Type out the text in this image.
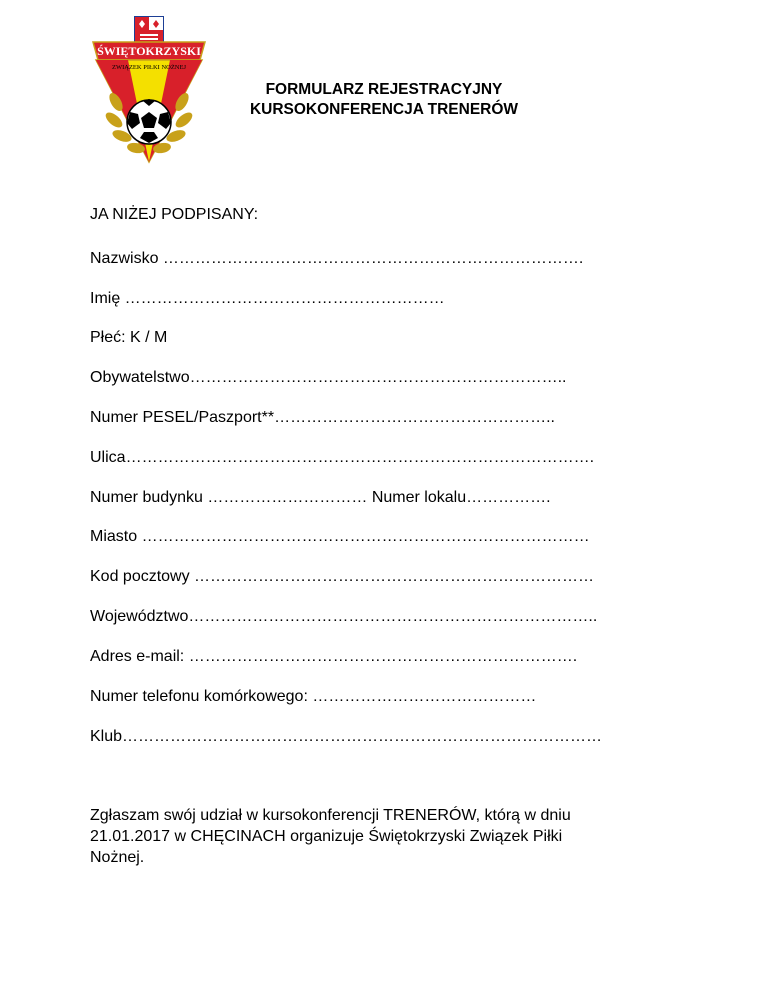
ŚWIĘTOKRZYSKI
ZWIĄZEK PIŁKI NOŻNEJ
FORMULARZ REJESTRACYJNY
KURSOKONFERENCJA TRENERÓW
JA NIŻEJ PODPISANY:
Nazwisko …………………………………………………………………….
Imię ……………………………………………………
Płeć: K / M
Obywatelstwo……………………………………………………………..
Numer PESEL/Paszport**……………………………………………..
Ulica…………………………………………………………………………….
Numer budynku ………………………… Numer lokalu…………….
Miasto …………………………………………………………………………
Kod pocztowy …………………………………………………………………
Województwo…………………………………………………………………..
Adres e-mail: ……………………………………………………………….
Numer telefonu komórkowego: ……………………………………
Klub………………………………………………………………………………
Zgłaszam swój udział w kursokonferencji TRENERÓW, którą w dniu
21.01.2017 w CHĘCINACH organizuje Świętokrzyski Związek Piłki
Nożnej.
